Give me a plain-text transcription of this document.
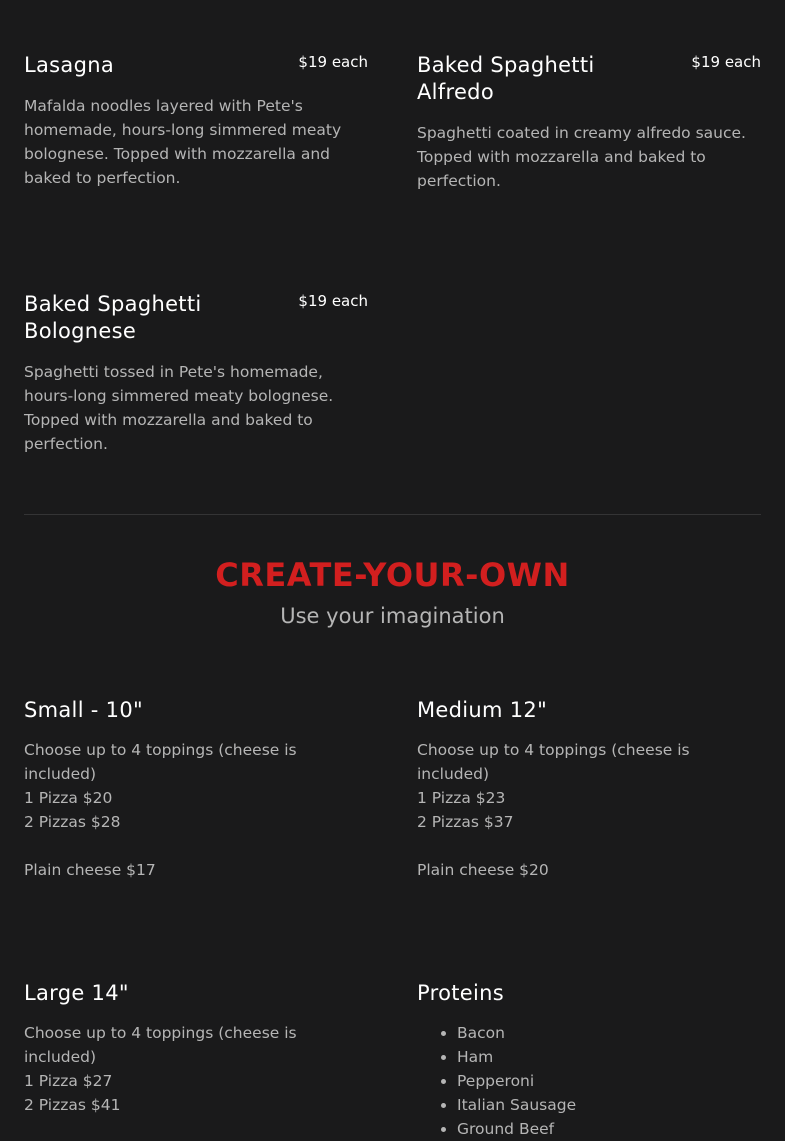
Lasagna	$19 each
Mafalda noodles layered with Pete's homemade, hours-long simmered meaty bolognese. Topped with mozzarella and baked to perfection.
Baked Spaghetti Alfredo
$19 each
Spaghetti coated in creamy alfredo sauce. Topped with mozzarella and baked to perfection.
Baked Spaghetti Bolognese
$19 each
Spaghetti tossed in Pete's homemade, hours-long simmered meaty bolognese. Topped with mozzarella and baked to perfection.
CREATE-YOUR-OWN
Use your imagination
Small - 10"
Choose up to 4 toppings (cheese is included)
1 Pizza $20
2 Pizzas $28
Plain cheese $17
Medium 12"
Choose up to 4 toppings (cheese is included)
1 Pizza $23
2 Pizzas $37
Plain cheese $20
Large 14"
Choose up to 4 toppings (cheese is included)
1 Pizza $27
2 Pizzas $41
Proteins
• Bacon
• Ham
• Pepperoni
• Italian Sausage
• Ground Beef
